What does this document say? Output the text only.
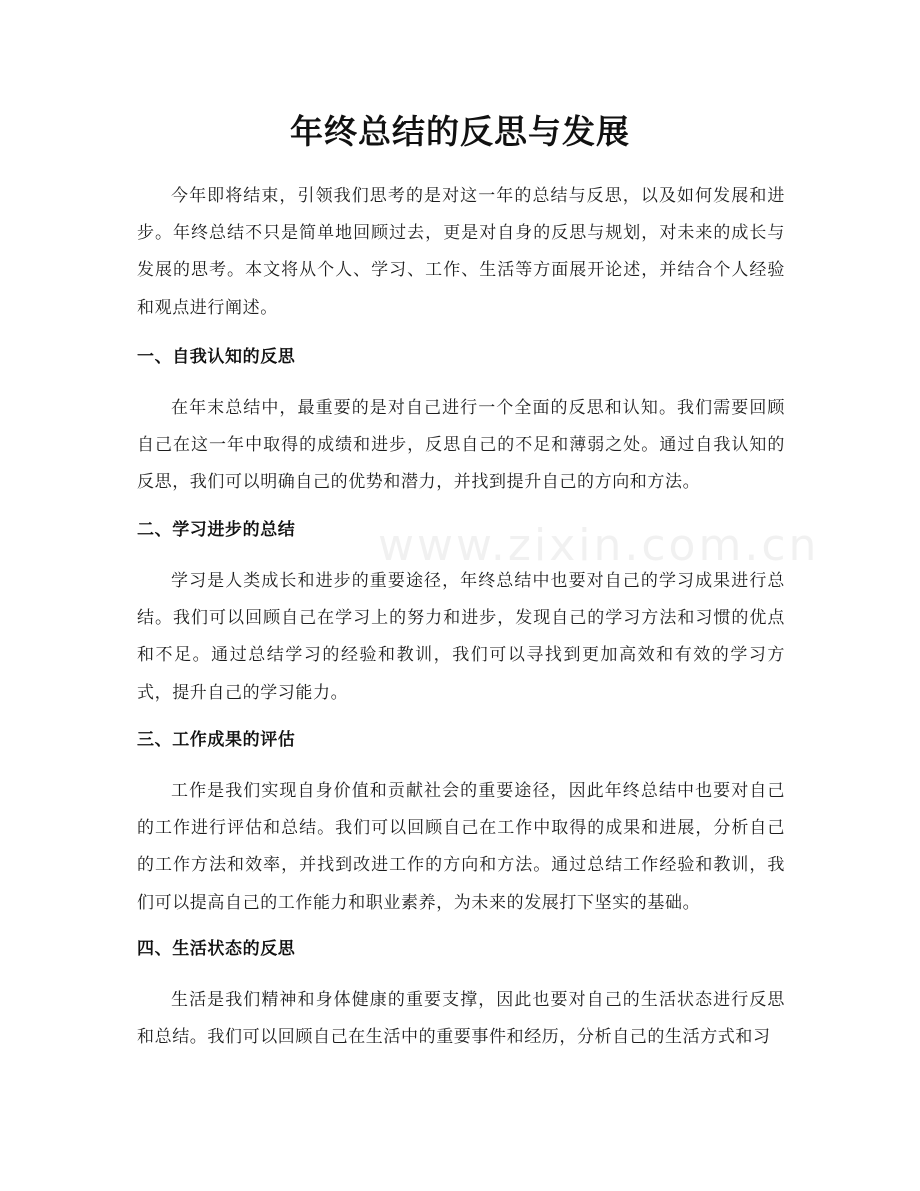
www.zixin.com.cn
年终总结的反思与发展

今年即将结束，引领我们思考的是对这一年的总结与反思，以及如何发展和进步。年终总结不只是简单地回顾过去，更是对自身的反思与规划，对未来的成长与发展的思考。本文将从个人、学习、工作、生活等方面展开论述，并结合个人经验和观点进行阐述。

一、自我认知的反思

在年末总结中，最重要的是对自己进行一个全面的反思和认知。我们需要回顾自己在这一年中取得的成绩和进步，反思自己的不足和薄弱之处。通过自我认知的反思，我们可以明确自己的优势和潜力，并找到提升自己的方向和方法。

二、学习进步的总结

学习是人类成长和进步的重要途径，年终总结中也要对自己的学习成果进行总结。我们可以回顾自己在学习上的努力和进步，发现自己的学习方法和习惯的优点和不足。通过总结学习的经验和教训，我们可以寻找到更加高效和有效的学习方式，提升自己的学习能力。

三、工作成果的评估

工作是我们实现自身价值和贡献社会的重要途径，因此年终总结中也要对自己的工作进行评估和总结。我们可以回顾自己在工作中取得的成果和进展，分析自己的工作方法和效率，并找到改进工作的方向和方法。通过总结工作经验和教训，我们可以提高自己的工作能力和职业素养，为未来的发展打下坚实的基础。

四、生活状态的反思

生活是我们精神和身体健康的重要支撑，因此也要对自己的生活状态进行反思和总结。我们可以回顾自己在生活中的重要事件和经历，分析自己的生活方式和习
